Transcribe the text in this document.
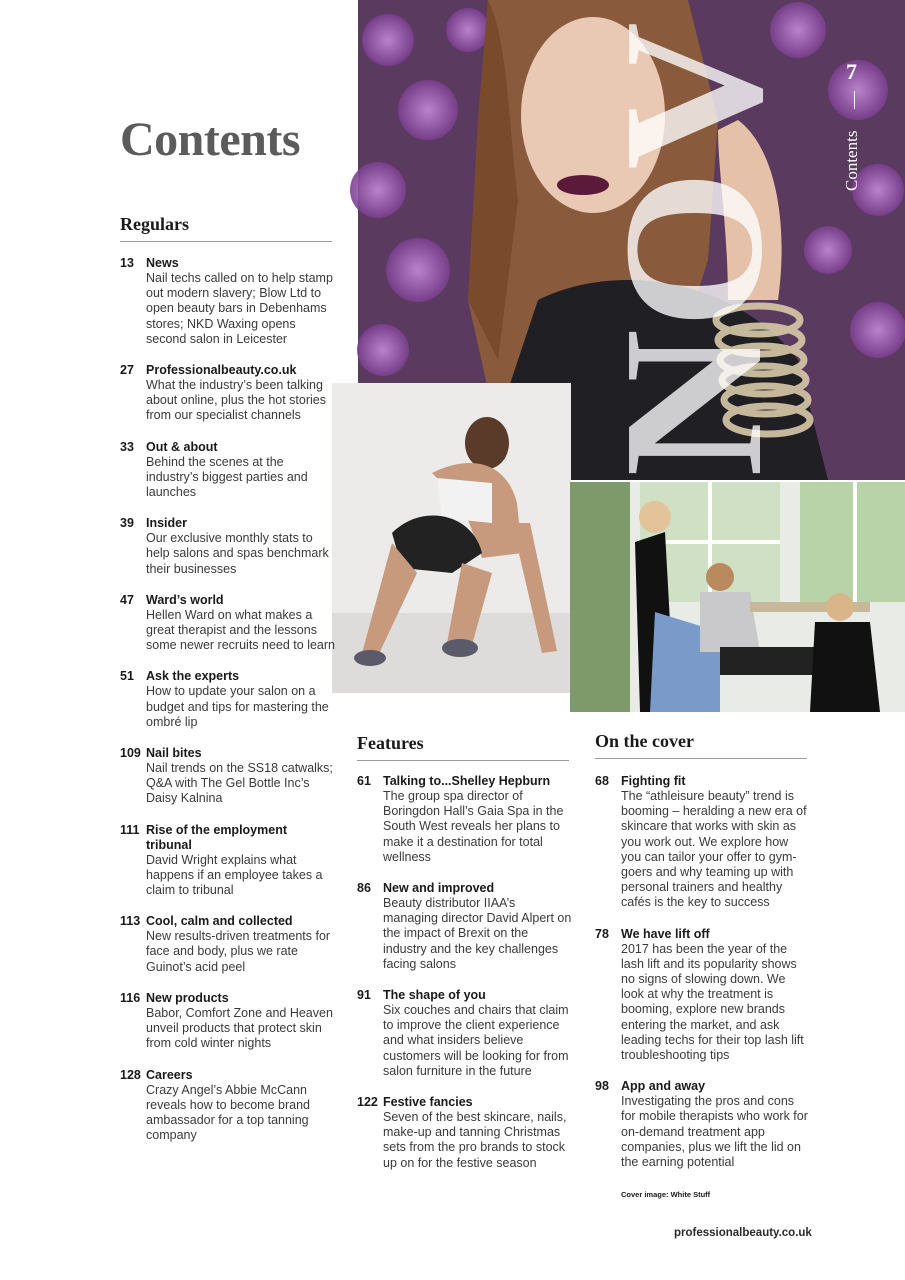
NOV 7
Contents
Contents
Regulars
13 News
Nail techs called on to help stamp out modern slavery; Blow Ltd to open beauty bars in Debenhams stores; NKD Waxing opens second salon in Leicester
27 Professionalbeauty.co.uk
What the industry’s been talking about online, plus the hot stories from our specialist channels
33 Out & about
Behind the scenes at the industry’s biggest parties and launches
39 Insider
Our exclusive monthly stats to help salons and spas benchmark their businesses
47 Ward’s world
Hellen Ward on what makes a great therapist and the lessons some newer recruits need to learn
51 Ask the experts
How to update your salon on a budget and tips for mastering the ombré lip
109 Nail bites
Nail trends on the SS18 catwalks; Q&A with The Gel Bottle Inc’s Daisy Kalnina
111 Rise of the employment tribunal
David Wright explains what happens if an employee takes a claim to tribunal
113 Cool, calm and collected
New results-driven treatments for face and body, plus we rate Guinot’s acid peel
116 New products
Babor, Comfort Zone and Heaven unveil products that protect skin from cold winter nights
128 Careers
Crazy Angel’s Abbie McCann reveals how to become brand ambassador for a top tanning company
Features
61 Talking to...Shelley Hepburn
The group spa director of Boringdon Hall’s Gaia Spa in the South West reveals her plans to make it a destination for total wellness
86 New and improved
Beauty distributor IIAA’s managing director David Alpert on the impact of Brexit on the industry and the key challenges facing salons
91 The shape of you
Six couches and chairs that claim to improve the client experience and what insiders believe customers will be looking for from salon furniture in the future
122 Festive fancies
Seven of the best skincare, nails, make-up and tanning Christmas sets from the pro brands to stock up on for the festive season
On the cover
68 Fighting fit
The “athleisure beauty” trend is booming – heralding a new era of skincare that works with skin as you work out. We explore how you can tailor your offer to gym-goers and why teaming up with personal trainers and healthy cafés is the key to success
78 We have lift off
2017 has been the year of the lash lift and its popularity shows no signs of slowing down. We look at why the treatment is booming, explore new brands entering the market, and ask leading techs for their top lash lift troubleshooting tips
98 App and away
Investigating the pros and cons for mobile therapists who work for on-demand treatment app companies, plus we lift the lid on the earning potential
Cover image: White Stuff
professionalbeauty.co.uk
